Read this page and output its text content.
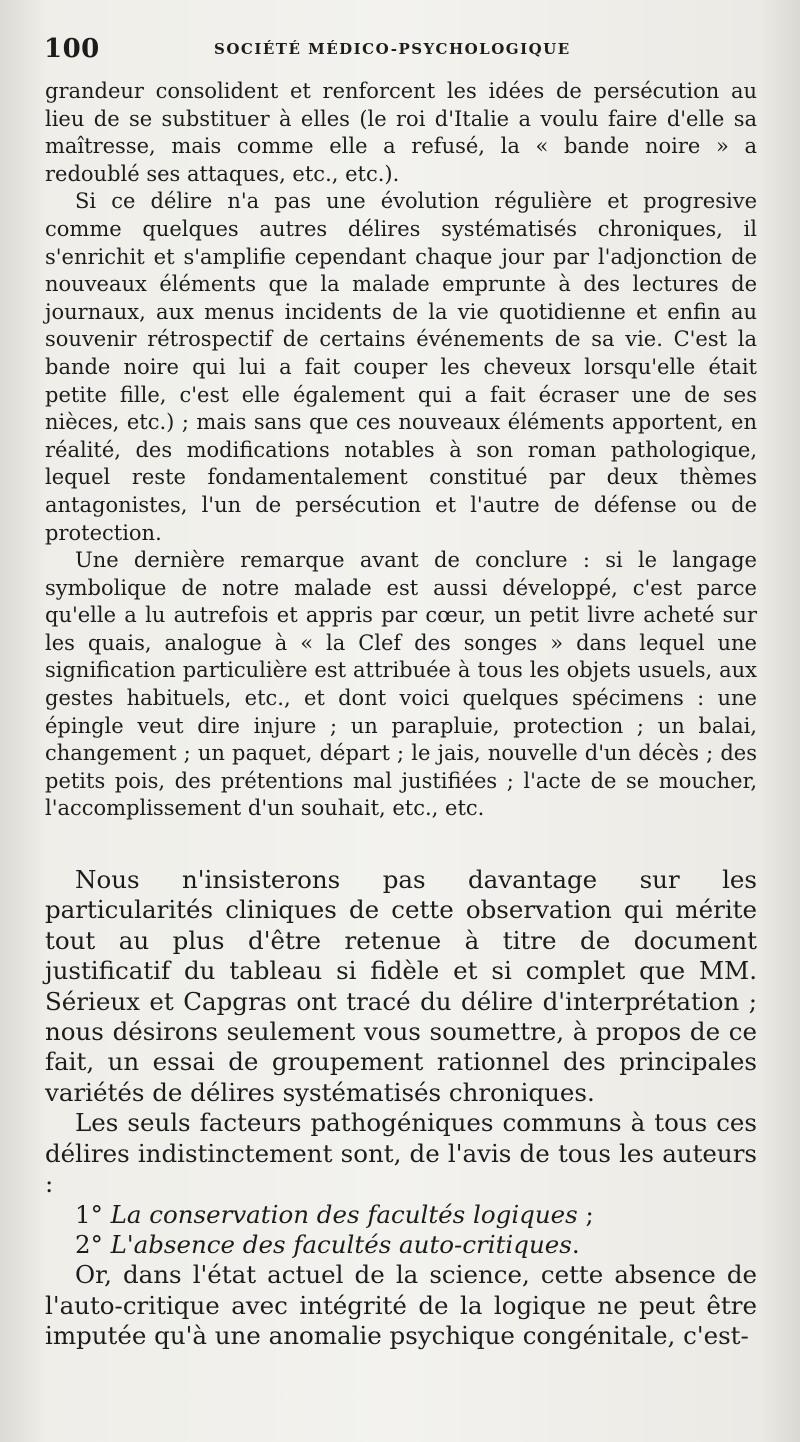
100	SOCIÉTÉ MÉDICO-PSYCHOLOGIQUE

grandeur consolident et renforcent les idées de persécution au lieu de se substituer à elles (le roi d'Italie a voulu faire d'elle sa maîtresse, mais comme elle a refusé, la « bande noire » a redoublé ses attaques, etc., etc.).

Si ce délire n'a pas une évolution régulière et progresive comme quelques autres délires systématisés chroniques, il s'enrichit et s'amplifie cependant chaque jour par l'adjonction de nouveaux éléments que la malade emprunte à des lectures de journaux, aux menus incidents de la vie quotidienne et enfin au souvenir rétrospectif de certains événements de sa vie. C'est la bande noire qui lui a fait couper les cheveux lorsqu'elle était petite fille, c'est elle également qui a fait écraser une de ses nièces, etc.) ; mais sans que ces nouveaux éléments apportent, en réalité, des modifications notables à son roman pathologique, lequel reste fondamentalement constitué par deux thèmes antagonistes, l'un de persécution et l'autre de défense ou de protection.

Une dernière remarque avant de conclure : si le langage symbolique de notre malade est aussi développé, c'est parce qu'elle a lu autrefois et appris par cœur, un petit livre acheté sur les quais, analogue à « la Clef des songes » dans lequel une signification particulière est attribuée à tous les objets usuels, aux gestes habituels, etc., et dont voici quelques spécimens : une épingle veut dire injure ; un parapluie, protection ; un balai, changement ; un paquet, départ ; le jais, nouvelle d'un décès ; des petits pois, des prétentions mal justifiées ; l'acte de se moucher, l'accomplissement d'un souhait, etc., etc.

Nous n'insisterons pas davantage sur les particularités cliniques de cette observation qui mérite tout au plus d'être retenue à titre de document justificatif du tableau si fidèle et si complet que MM. Sérieux et Capgras ont tracé du délire d'interprétation ; nous désirons seulement vous soumettre, à propos de ce fait, un essai de groupement rationnel des principales variétés de délires systématisés chroniques.

Les seuls facteurs pathogéniques communs à tous ces délires indistinctement sont, de l'avis de tous les auteurs :

1° La conservation des facultés logiques ;

2° L'absence des facultés auto-critiques.

Or, dans l'état actuel de la science, cette absence de l'auto-critique avec intégrité de la logique ne peut être imputée qu'à une anomalie psychique congénitale, c'est-
